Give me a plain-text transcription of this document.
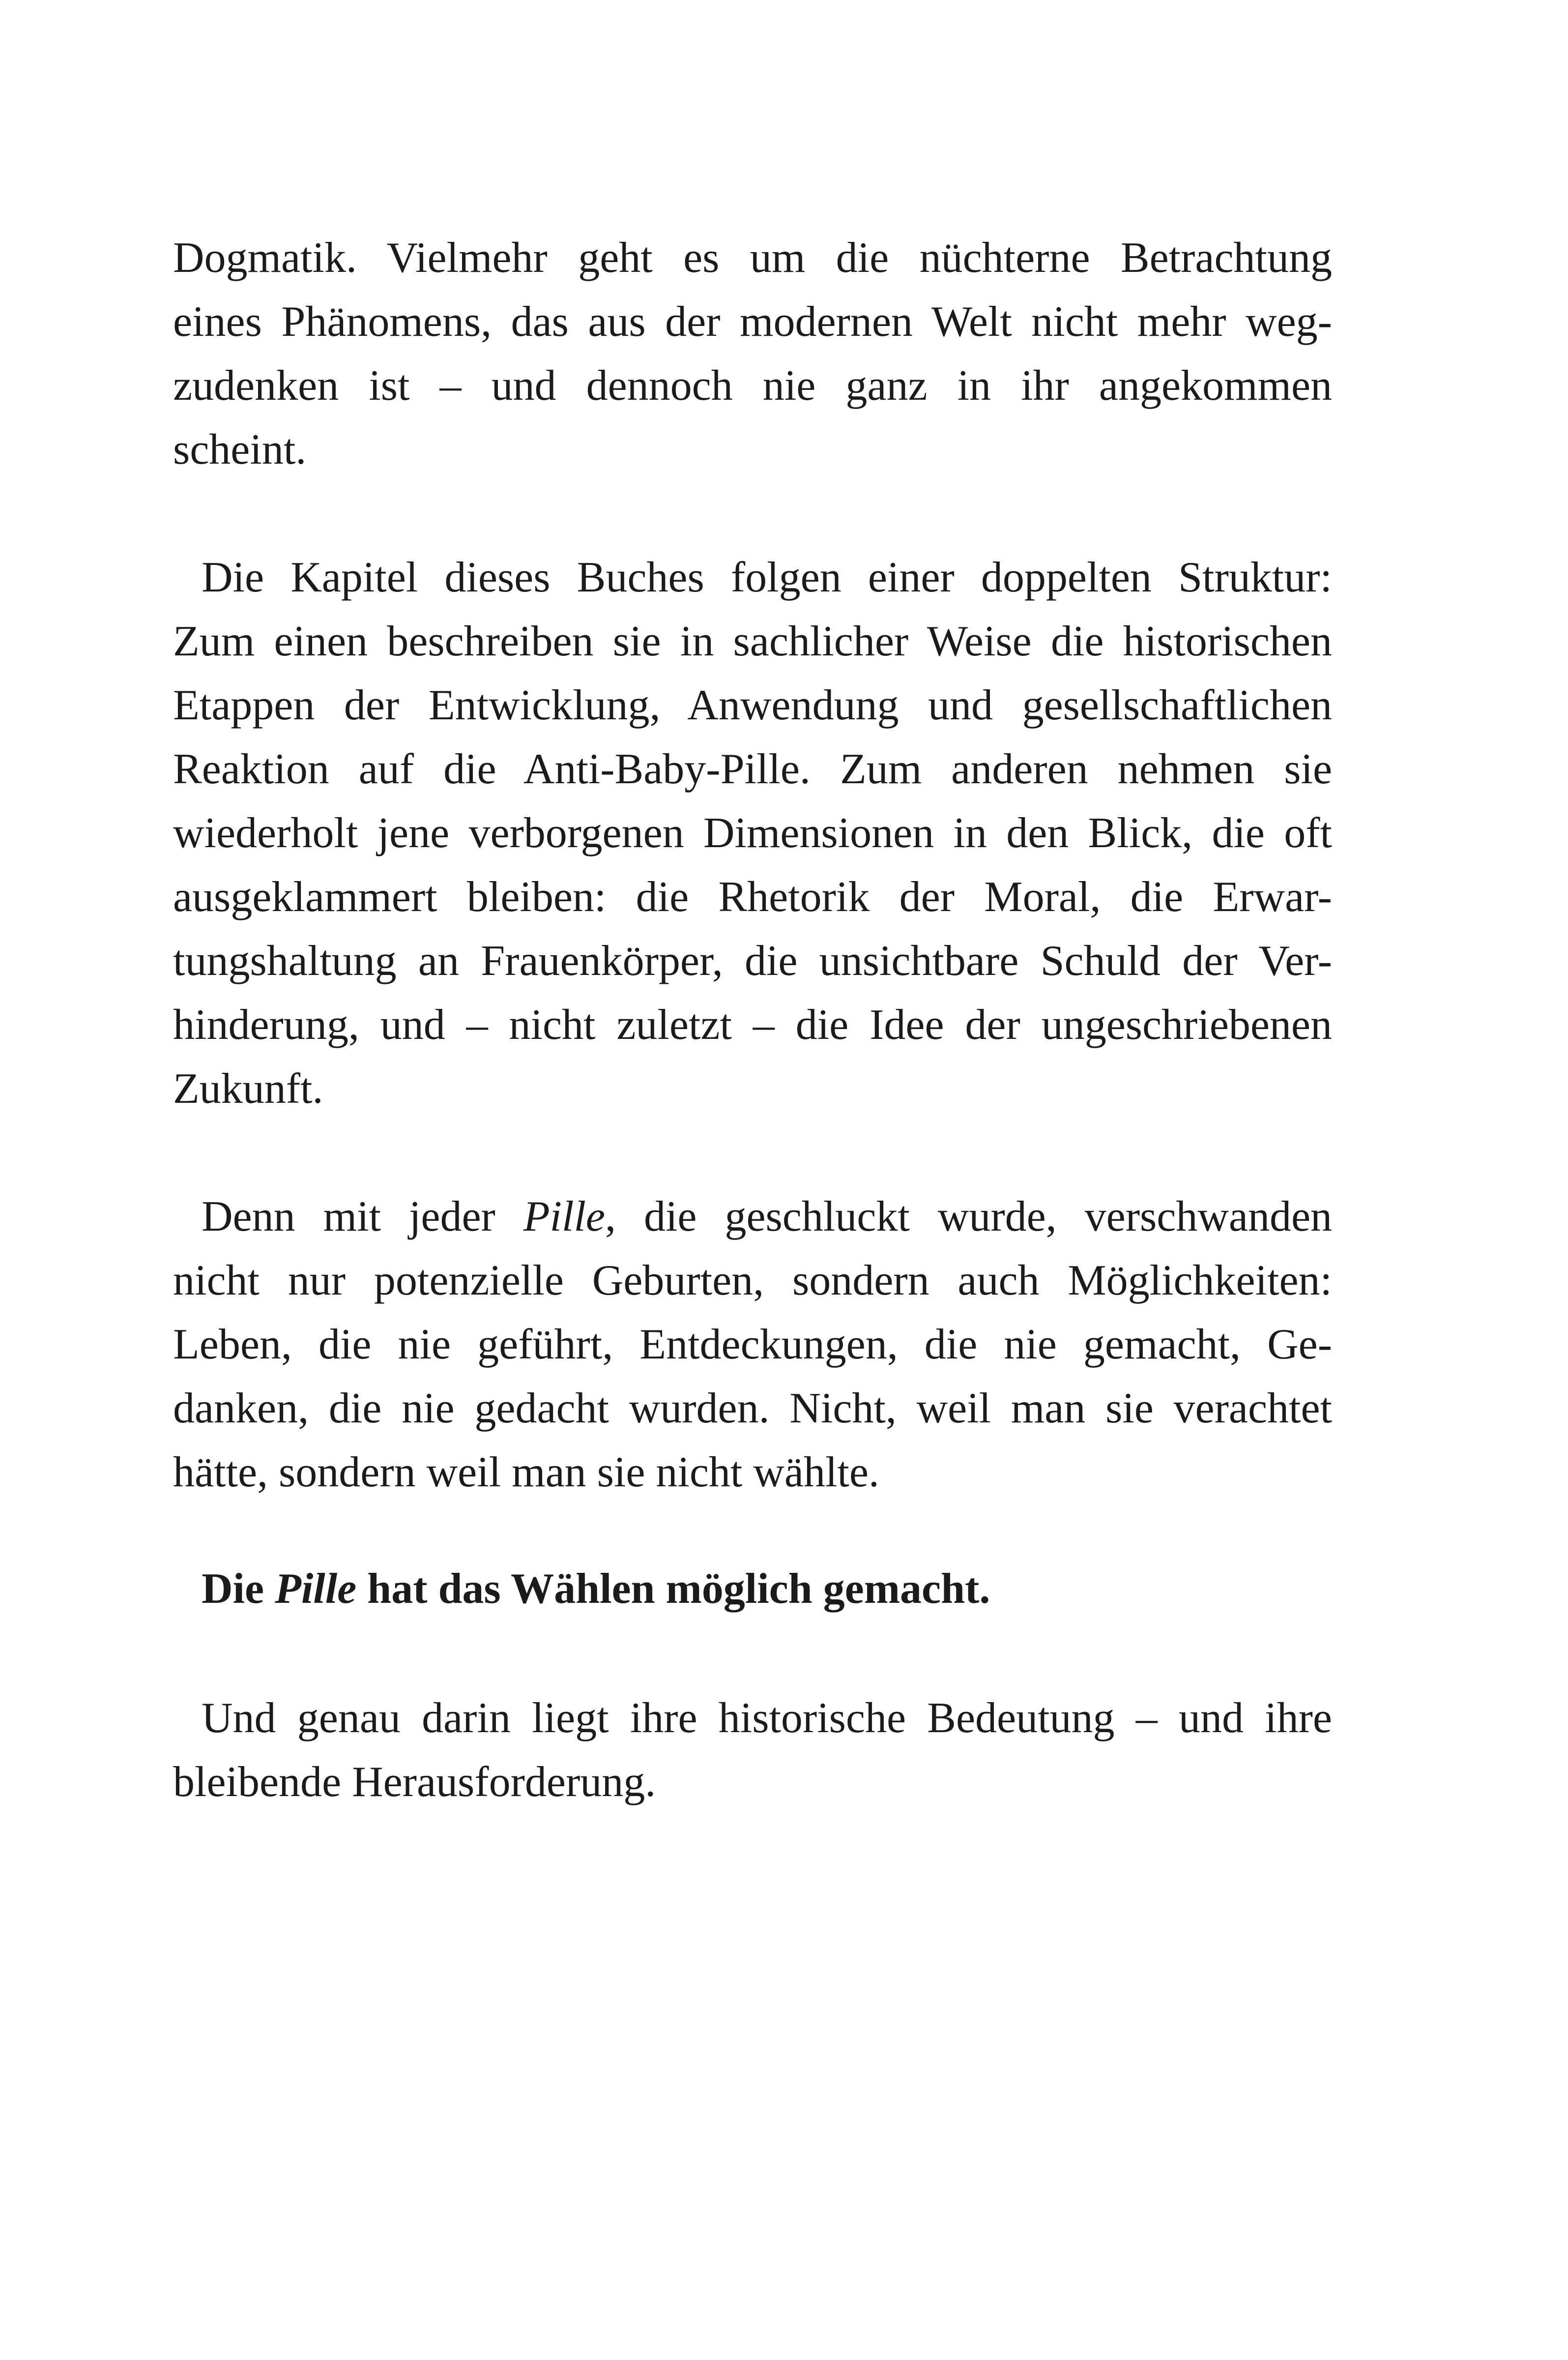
Dogmatik. Vielmehr geht es um die nüchterne Betrachtung
eines Phänomens, das aus der modernen Welt nicht mehr weg-
zudenken ist – und dennoch nie ganz in ihr angekommen
scheint.
Die Kapitel dieses Buches folgen einer doppelten Struktur:
Zum einen beschreiben sie in sachlicher Weise die historischen
Etappen der Entwicklung, Anwendung und gesellschaftlichen
Reaktion auf die Anti-Baby-Pille. Zum anderen nehmen sie
wiederholt jene verborgenen Dimensionen in den Blick, die oft
ausgeklammert bleiben: die Rhetorik der Moral, die Erwar-
tungshaltung an Frauenkörper, die unsichtbare Schuld der Ver-
hinderung, und – nicht zuletzt – die Idee der ungeschriebenen
Zukunft.
Denn mit jeder Pille, die geschluckt wurde, verschwanden
nicht nur potenzielle Geburten, sondern auch Möglichkeiten:
Leben, die nie geführt, Entdeckungen, die nie gemacht, Ge-
danken, die nie gedacht wurden. Nicht, weil man sie verachtet
hätte, sondern weil man sie nicht wählte.
Die Pille hat das Wählen möglich gemacht.
Und genau darin liegt ihre historische Bedeutung – und ihre
bleibende Herausforderung.
